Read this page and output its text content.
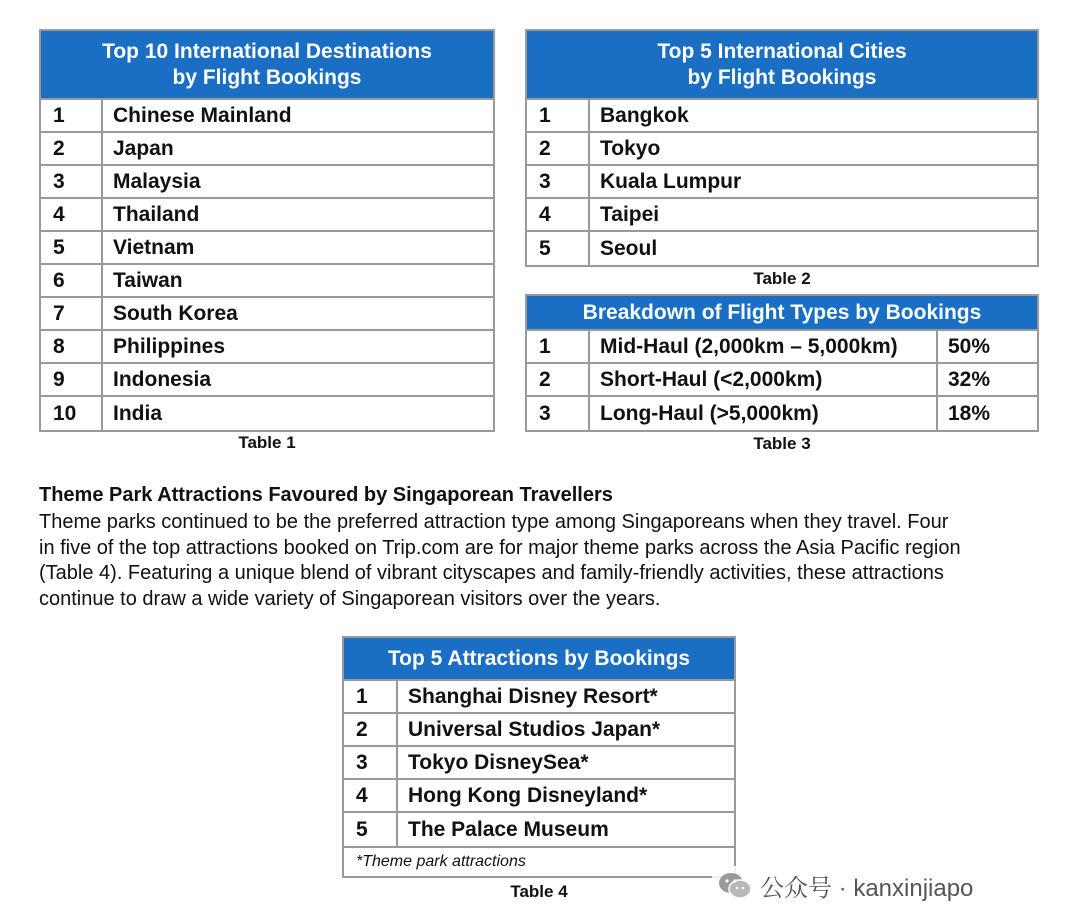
Top 10 International Destinations
by Flight Bookings
1	Chinese Mainland
2	Japan
3	Malaysia
4	Thailand
5	Vietnam
6	Taiwan
7	South Korea
8	Philippines
9	Indonesia
10	India
Table 1
Top 5 International Cities
by Flight Bookings
1	Bangkok
2	Tokyo
3	Kuala Lumpur
4	Taipei
5	Seoul
Table 2
Breakdown of Flight Types by Bookings
1	Mid-Haul (2,000km – 5,000km)	50%
2	Short-Haul (<2,000km)	32%
3	Long-Haul (>5,000km)	18%
Table 3
Theme Park Attractions Favoured by Singaporean Travellers
Theme parks continued to be the preferred attraction type among Singaporeans when they travel. Four
in five of the top attractions booked on Trip.com are for major theme parks across the Asia Pacific region
(Table 4). Featuring a unique blend of vibrant cityscapes and family-friendly activities, these attractions
continue to draw a wide variety of Singaporean visitors over the years.
Top 5 Attractions by Bookings
1	Shanghai Disney Resort*
2	Universal Studios Japan*
3	Tokyo DisneySea*
4	Hong Kong Disneyland*
5	The Palace Museum
*Theme park attractions
Table 4	公众号 · kanxinjiapo
